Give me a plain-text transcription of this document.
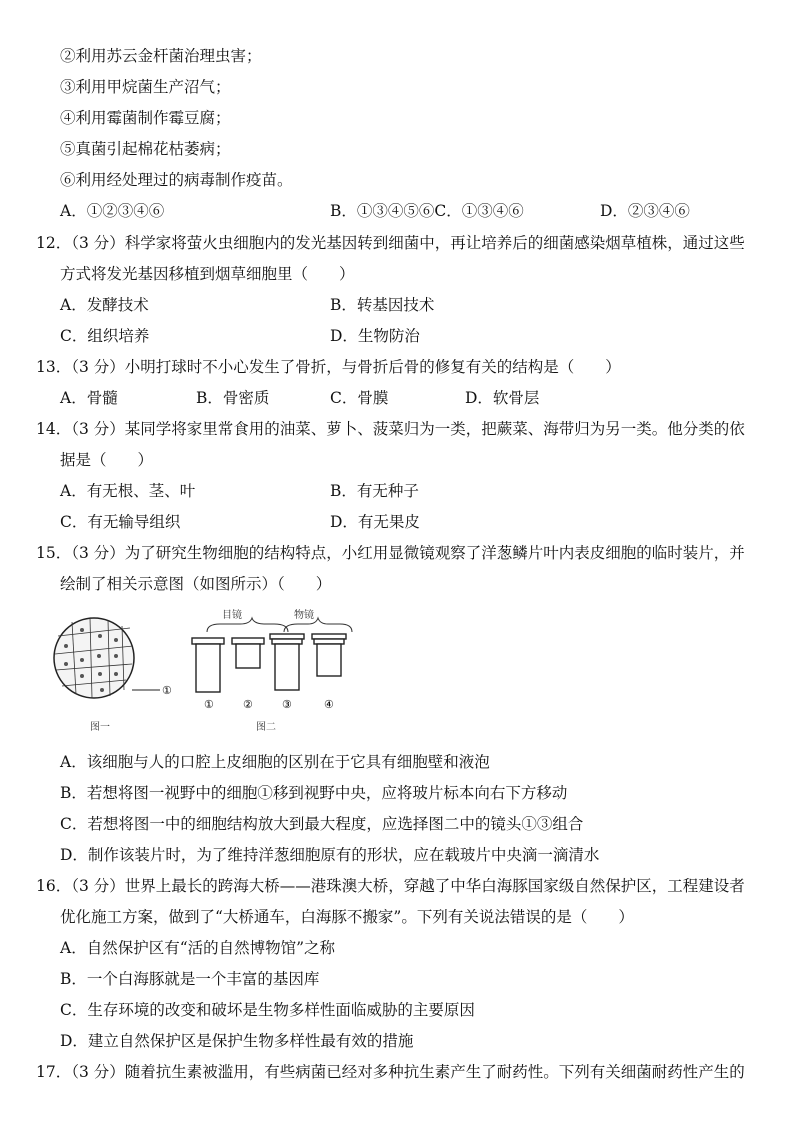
②利用苏云金杆菌治理虫害；
③利用甲烷菌生产沼气；
④利用霉菌制作霉豆腐；
⑤真菌引起棉花枯萎病；
⑥利用经处理过的病毒制作疫苗。
A．①②③④⑥	B．①③④⑤⑥C．①③④⑥	D．②③④⑥
12．（3 分）科学家将萤火虫细胞内的发光基因转到细菌中，再让培养后的细菌感染烟草植株，通过这些
方式将发光基因移植到烟草细胞里（　　）
A．发酵技术	B．转基因技术
C．组织培养	D．生物防治
13．（3 分）小明打球时不小心发生了骨折，与骨折后骨的修复有关的结构是（　　）
A．骨髓	B．骨密质	C．骨膜	D．软骨层
14．（3 分）某同学将家里常食用的油菜、萝卜、菠菜归为一类，把蕨菜、海带归为另一类。他分类的依
据是（　　）
A．有无根、茎、叶	B．有无种子
C．有无输导组织	D．有无果皮
15．（3 分）为了研究生物细胞的结构特点，小红用显微镜观察了洋葱鳞片叶内表皮细胞的临时装片，并
绘制了相关示意图（如图所示）（　　）
①
图一
目镜	物镜
①	②	③	④
图二
A．该细胞与人的口腔上皮细胞的区别在于它具有细胞壁和液泡
B．若想将图一视野中的细胞①移到视野中央，应将玻片标本向右下方移动
C．若想将图一中的细胞结构放大到最大程度，应选择图二中的镜头①③组合
D．制作该装片时，为了维持洋葱细胞原有的形状，应在载玻片中央滴一滴清水
16．（3 分）世界上最长的跨海大桥——港珠澳大桥，穿越了中华白海豚国家级自然保护区，工程建设者
优化施工方案，做到了“大桥通车，白海豚不搬家”。下列有关说法错误的是（　　）
A．自然保护区有“活的自然博物馆”之称
B．一个白海豚就是一个丰富的基因库
C．生存环境的改变和破坏是生物多样性面临威胁的主要原因
D．建立自然保护区是保护生物多样性最有效的措施
17．（3 分）随着抗生素被滥用，有些病菌已经对多种抗生素产生了耐药性。下列有关细菌耐药性产生的
